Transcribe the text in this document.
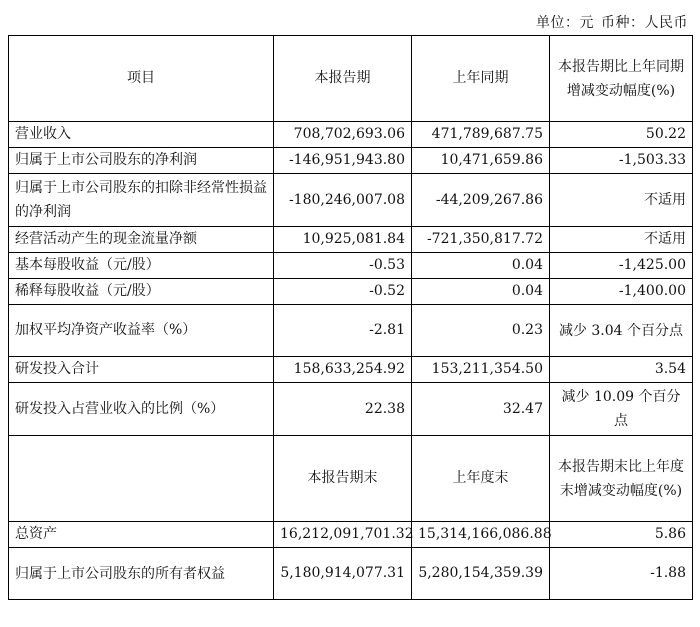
单位：元 币种：人民币
项目	本报告期	上年同期	本报告期比上年同期增减变动幅度(%)
营业收入	708,702,693.06	471,789,687.75	50.22
归属于上市公司股东的净利润	-146,951,943.80	10,471,659.86	-1,503.33
归属于上市公司股东的扣除非经常性损益的净利润	-180,246,007.08	-44,209,267.86	不适用
经营活动产生的现金流量净额	10,925,081.84	-721,350,817.72	不适用
基本每股收益（元/股）	-0.53	0.04	-1,425.00
稀释每股收益（元/股）	-0.52	0.04	-1,400.00
加权平均净资产收益率（%）	-2.81	0.23	减少 3.04 个百分点
研发投入合计	158,633,254.92	153,211,354.50	3.54
研发投入占营业收入的比例（%）	22.38	32.47	减少 10.09 个百分点
	本报告期末	上年度末	本报告期末比上年度末增减变动幅度(%)
总资产	16,212,091,701.32	15,314,166,086.88	5.86
归属于上市公司股东的所有者权益	5,180,914,077.31	5,280,154,359.39	-1.88
